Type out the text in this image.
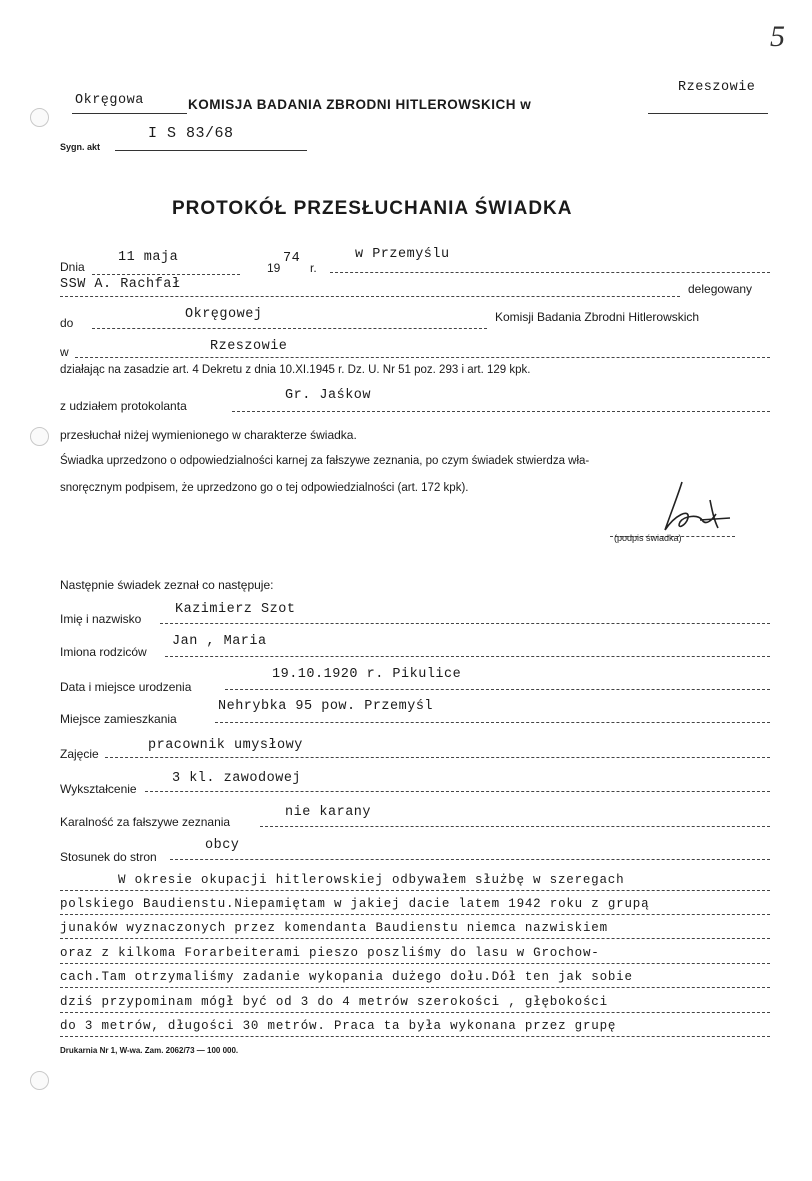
5
Okręgowa	KOMISJA BADANIA ZBRODNI HITLEROWSKICH w
Rzeszowie
Sygn. akt
I S 83/68
PROTOKÓŁ PRZESŁUCHANIA ŚWIADKA
Dnia
11 maja
19
74
r.
w Przemyślu
SSW A. Rachfał	delegowany
do
Okręgowej	Komisji Badania Zbrodni Hitlerowskich
w	Rzeszowie
działając na zasadzie art. 4 Dekretu z dnia 10.XI.1945 r. Dz. U. Nr 51 poz. 293 i art. 129 kpk.
z udziałem protokolanta
Gr. Jaśkow
przesłuchał niżej wymienionego w charakterze świadka.
Świadka uprzedzono o odpowiedzialności karnej za fałszywe zeznania, po czym świadek stwierdza wła-
snoręcznym podpisem, że uprzedzono go o tej odpowiedzialności (art. 172 kpk).
(podpis świadka)
Następnie świadek zeznał co następuje:
Imię i nazwisko
Kazimierz Szot
Imiona rodziców
Jan , Maria
Data i miejsce urodzenia
19.10.1920 r. Pikulice
Miejsce zamieszkania
Nehrybka 95 pow. Przemyśl
Zajęcie
pracownik umysłowy
Wykształcenie
3 kl. zawodowej
Karalność za fałszywe zeznania
nie karany
Stosunek do stron
obcy
W okresie okupacji hitlerowskiej odbywałem służbę w szeregach
polskiego Baudienstu.Niepamiętam w jakiej dacie latem 1942 roku z grupą
junaków wyznaczonych przez komendanta Baudienstu niemca nazwiskiem
oraz z kilkoma Forarbeiterami pieszo poszliśmy do lasu w Grochow-
cach.Tam otrzymaliśmy zadanie wykopania dużego dołu.Dół ten jak sobie
dziś przypominam mógł być od 3 do 4 metrów szerokości , głębokości
do 3 metrów, długości 30 metrów. Praca ta była wykonana przez grupę
Drukarnia Nr 1, W-wa. Zam. 2062/73 — 100 000.
